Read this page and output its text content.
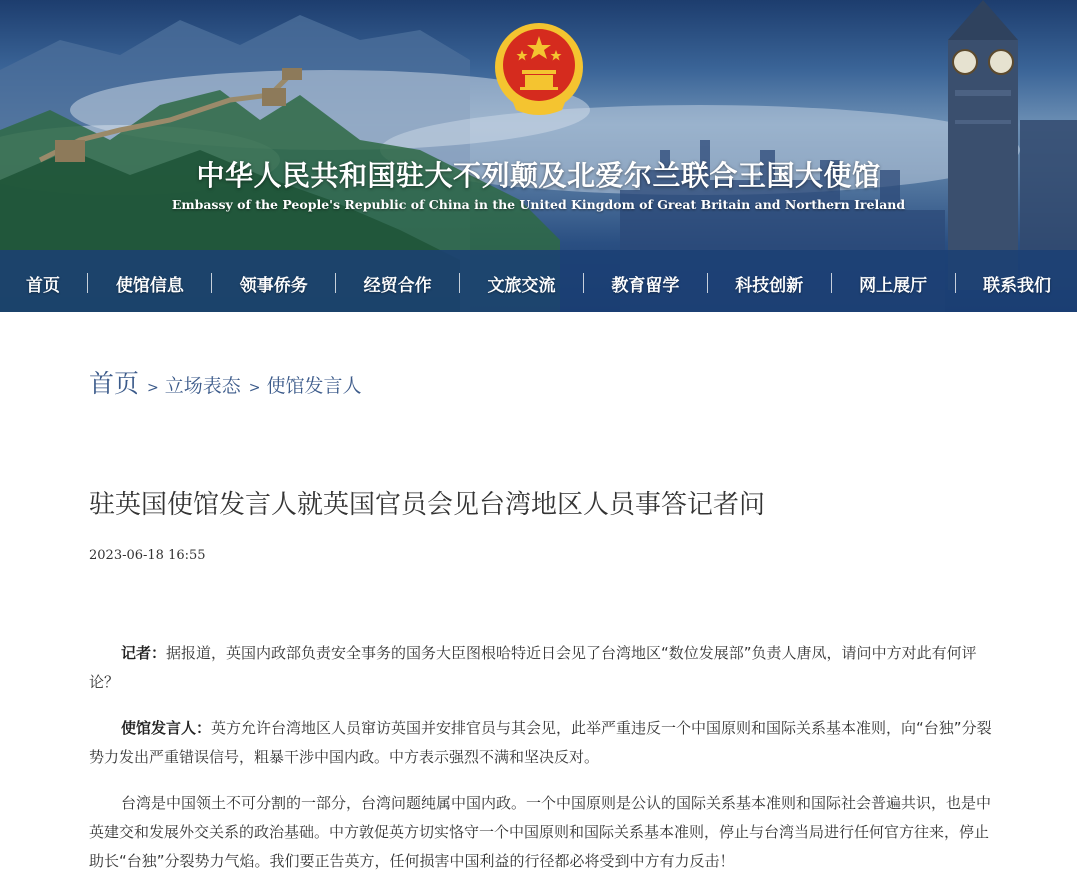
中华人民共和国驻大不列颠及北爱尔兰联合王国大使馆
Embassy of the People's Republic of China in the United Kingdom of Great Britain and Northern Ireland
首页	使馆信息	领事侨务	经贸合作	文旅交流	教育留学	科技创新	网上展厅	联系我们
首页 > 立场表态 > 使馆发言人
驻英国使馆发言人就英国官员会见台湾地区人员事答记者问
2023-06-18 16:55

记者：据报道，英国内政部负责安全事务的国务大臣图根哈特近日会见了台湾地区“数位发展部”负责人唐凤，请问中方对此有何评论？

使馆发言人：英方允许台湾地区人员窜访英国并安排官员与其会见，此举严重违反一个中国原则和国际关系基本准则，向“台独”分裂势力发出严重错误信号，粗暴干涉中国内政。中方表示强烈不满和坚决反对。

台湾是中国领土不可分割的一部分，台湾问题纯属中国内政。一个中国原则是公认的国际关系基本准则和国际社会普遍共识，也是中英建交和发展外交关系的政治基础。中方敦促英方切实恪守一个中国原则和国际关系基本准则，停止与台湾当局进行任何官方往来，停止助长“台独”分裂势力气焰。我们要正告英方，任何损害中国利益的行径都必将受到中方有力反击！
